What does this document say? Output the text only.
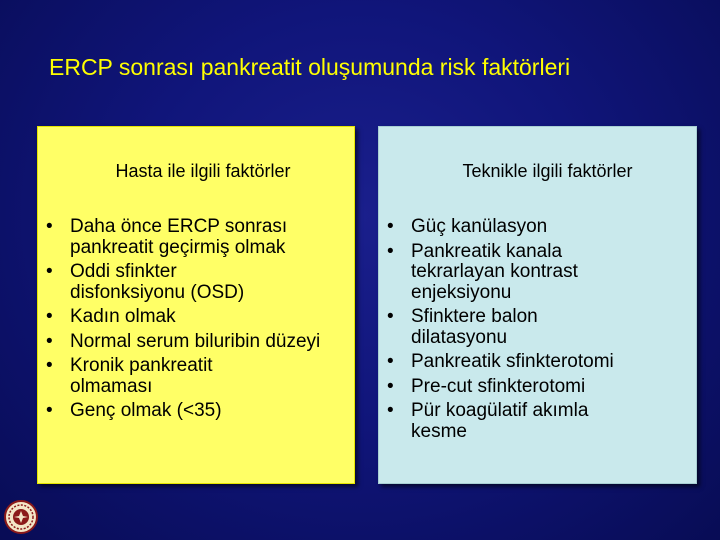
ERCP sonrası pankreatit oluşumunda risk faktörleri
Hasta ile ilgili faktörler
• Daha önce ERCP sonrası pankreatit geçirmiş olmak
• Oddi sfinkter disfonksiyonu (OSD)
• Kadın olmak
• Normal serum biluribin düzeyi
• Kronik pankreatit olmaması
• Genç olmak (<35)
Teknikle ilgili faktörler
• Güç kanülasyon
• Pankreatik kanala tekrarlayan kontrast enjeksiyonu
• Sfinktere balon dilatasyonu
• Pankreatik sfinkterotomi
• Pre-cut sfinkterotomi
• Pür koagülatif akımla kesme
